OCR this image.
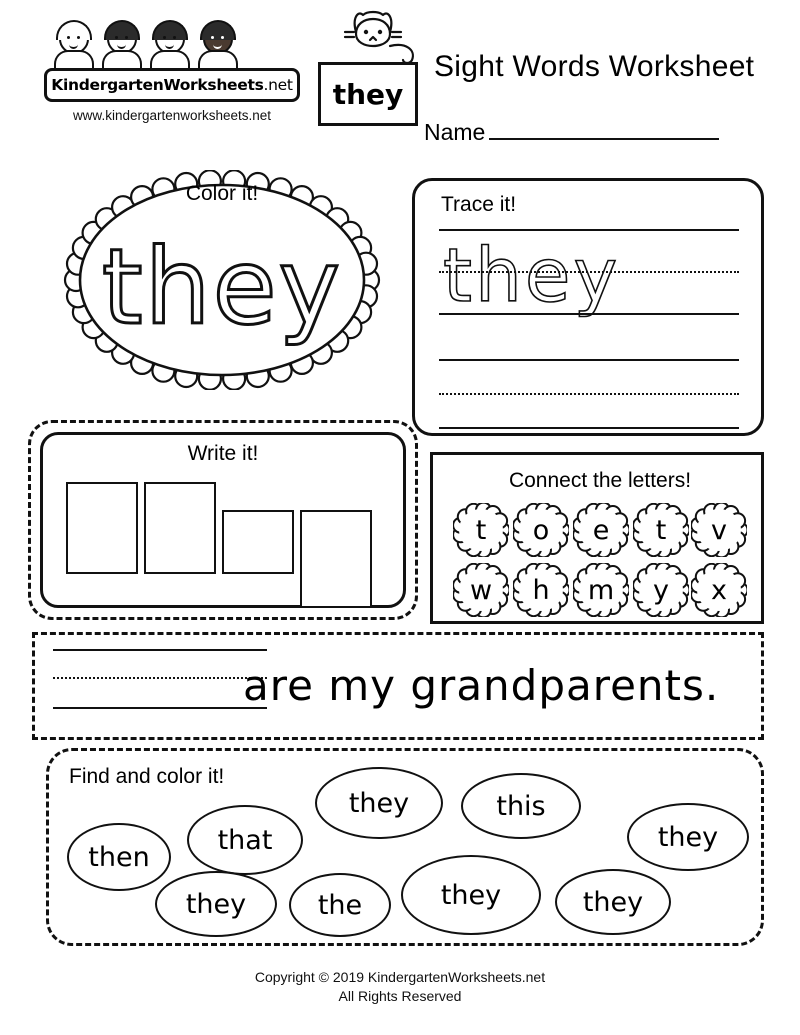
KindergartenWorksheets.net
www.kindergartenworksheets.net
they
Sight Words Worksheet
Name
Color it!
they
Trace it!
they
Write it!
Connect the letters!
t	o	e	t	v
w	h	m	y	x
are my grandparents.
Find and color it!
then
that
they	this
they
they	the	they	they
Copyright © 2019 KindergartenWorksheets.net
All Rights Reserved
